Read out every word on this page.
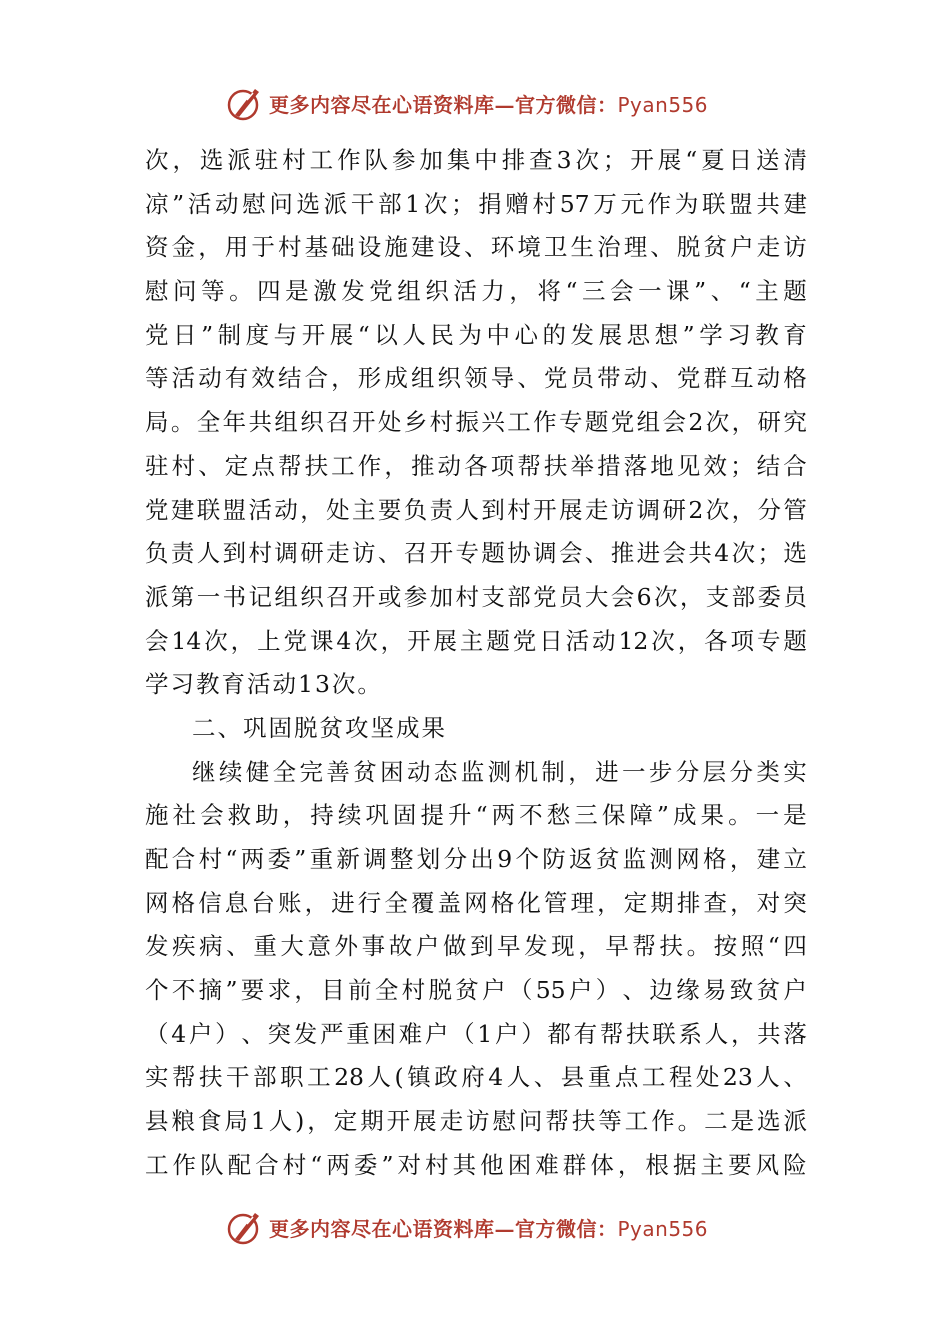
更多内容尽在心语资料库—官方微信：Pyan556
次 ， 选 派 驻 村 工 作 队 参 加 集 中 排 查 3 次 ； 开 展 “ 夏 日 送 清
凉 ” 活 动 慰 问 选 派 干 部 1 次 ； 捐 赠 村 57 万 元 作 为 联 盟 共 建
资 金 ， 用 于 村 基 础 设 施 建 设 、 环 境 卫 生 治 理 、 脱 贫 户 走 访
慰 问 等 。 四 是 激 发 党 组 织 活 力 ， 将 “ 三 会 一 课 ” 、 “ 主 题
党 日 ” 制 度 与 开 展 “ 以 人 民 为 中 心 的 发 展 思 想 ” 学 习 教 育
等 活 动 有 效 结 合 ， 形 成 组 织 领 导 、 党 员 带 动 、 党 群 互 动 格
局 。 全 年 共 组 织 召 开 处 乡 村 振 兴 工 作 专 题 党 组 会 2 次 ， 研 究
驻 村 、 定 点 帮 扶 工 作 ， 推 动 各 项 帮 扶 举 措 落 地 见 效 ； 结 合
党 建 联 盟 活 动 ， 处 主 要 负 责 人 到 村 开 展 走 访 调 研 2 次 ， 分 管
负 责 人 到 村 调 研 走 访 、 召 开 专 题 协 调 会 、 推 进 会 共 4 次 ； 选
派 第 一 书 记 组 织 召 开 或 参 加 村 支 部 党 员 大 会 6 次 ， 支 部 委 员
会 14 次 ， 上 党 课 4 次 ， 开 展 主 题 党 日 活 动 12 次 ， 各 项 专 题
学习教育活动13次。
二、巩固脱贫攻坚成果
继 续 健 全 完 善 贫 困 动 态 监 测 机 制 ， 进 一 步 分 层 分 类 实
施 社 会 救 助 ， 持 续 巩 固 提 升 “ 两 不 愁 三 保 障 ” 成 果 。 一 是
配 合 村 “ 两 委 ” 重 新 调 整 划 分 出 9 个 防 返 贫 监 测 网 格 ， 建 立
网 格 信 息 台 账 ， 进 行 全 覆 盖 网 格 化 管 理 ， 定 期 排 查 ， 对 突
发 疾 病 、 重 大 意 外 事 故 户 做 到 早 发 现 ， 早 帮 扶 。 按 照 “ 四
个 不 摘 ” 要 求 ， 目 前 全 村 脱 贫 户 （ 55 户 ） 、 边 缘 易 致 贫 户
（ 4 户 ） 、 突 发 严 重 困 难 户 （ 1 户 ） 都 有 帮 扶 联 系 人 ， 共 落
实 帮 扶 干 部 职 工 28 人 ( 镇 政 府 4 人 、 县 重 点 工 程 处 23 人 、
县 粮 食 局 1 人 ) ， 定 期 开 展 走 访 慰 问 帮 扶 等 工 作 。 二 是 选 派
工 作 队 配 合 村 “ 两 委 ” 对 村 其 他 困 难 群 体 ， 根 据 主 要 风 险
更多内容尽在心语资料库—官方微信：Pyan556
